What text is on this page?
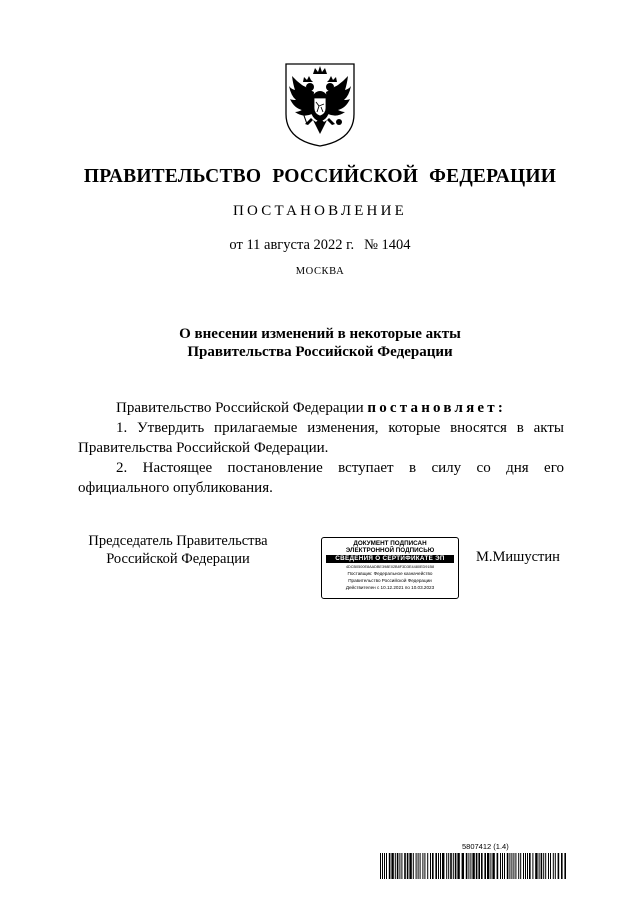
ПРАВИТЕЛЬСТВО РОССИЙСКОЙ ФЕДЕРАЦИИ
ПОСТАНОВЛЕНИЕ
от 11 августа 2022 г. № 1404
МОСКВА
О внесении изменений в некоторые акты
Правительства Российской Федерации

Правительство Российской Федерации постановляет:

1. Утвердить прилагаемые изменения, которые вносятся в акты

Правительства Российской Федерации.

2. Настоящее постановление вступает в силу со дня его

официального опубликования.

Председатель Правительства
Российской Федерации
ДОКУМЕНТ ПОДПИСАН
ЭЛЕКТРОННОЙ ПОДПИСЬЮ
СВЕДЕНИЯ О СЕРТИФИКАТЕ ЭП
4DCB0500E8AADBE398E02B8F3D3E4480ED91B8
Поставщик: Федеральное казначейство
Правительство Российской Федерации
Действителен с 10.12.2021 по 10.03.2023
М.Мишустин
5807412 (1.4)
